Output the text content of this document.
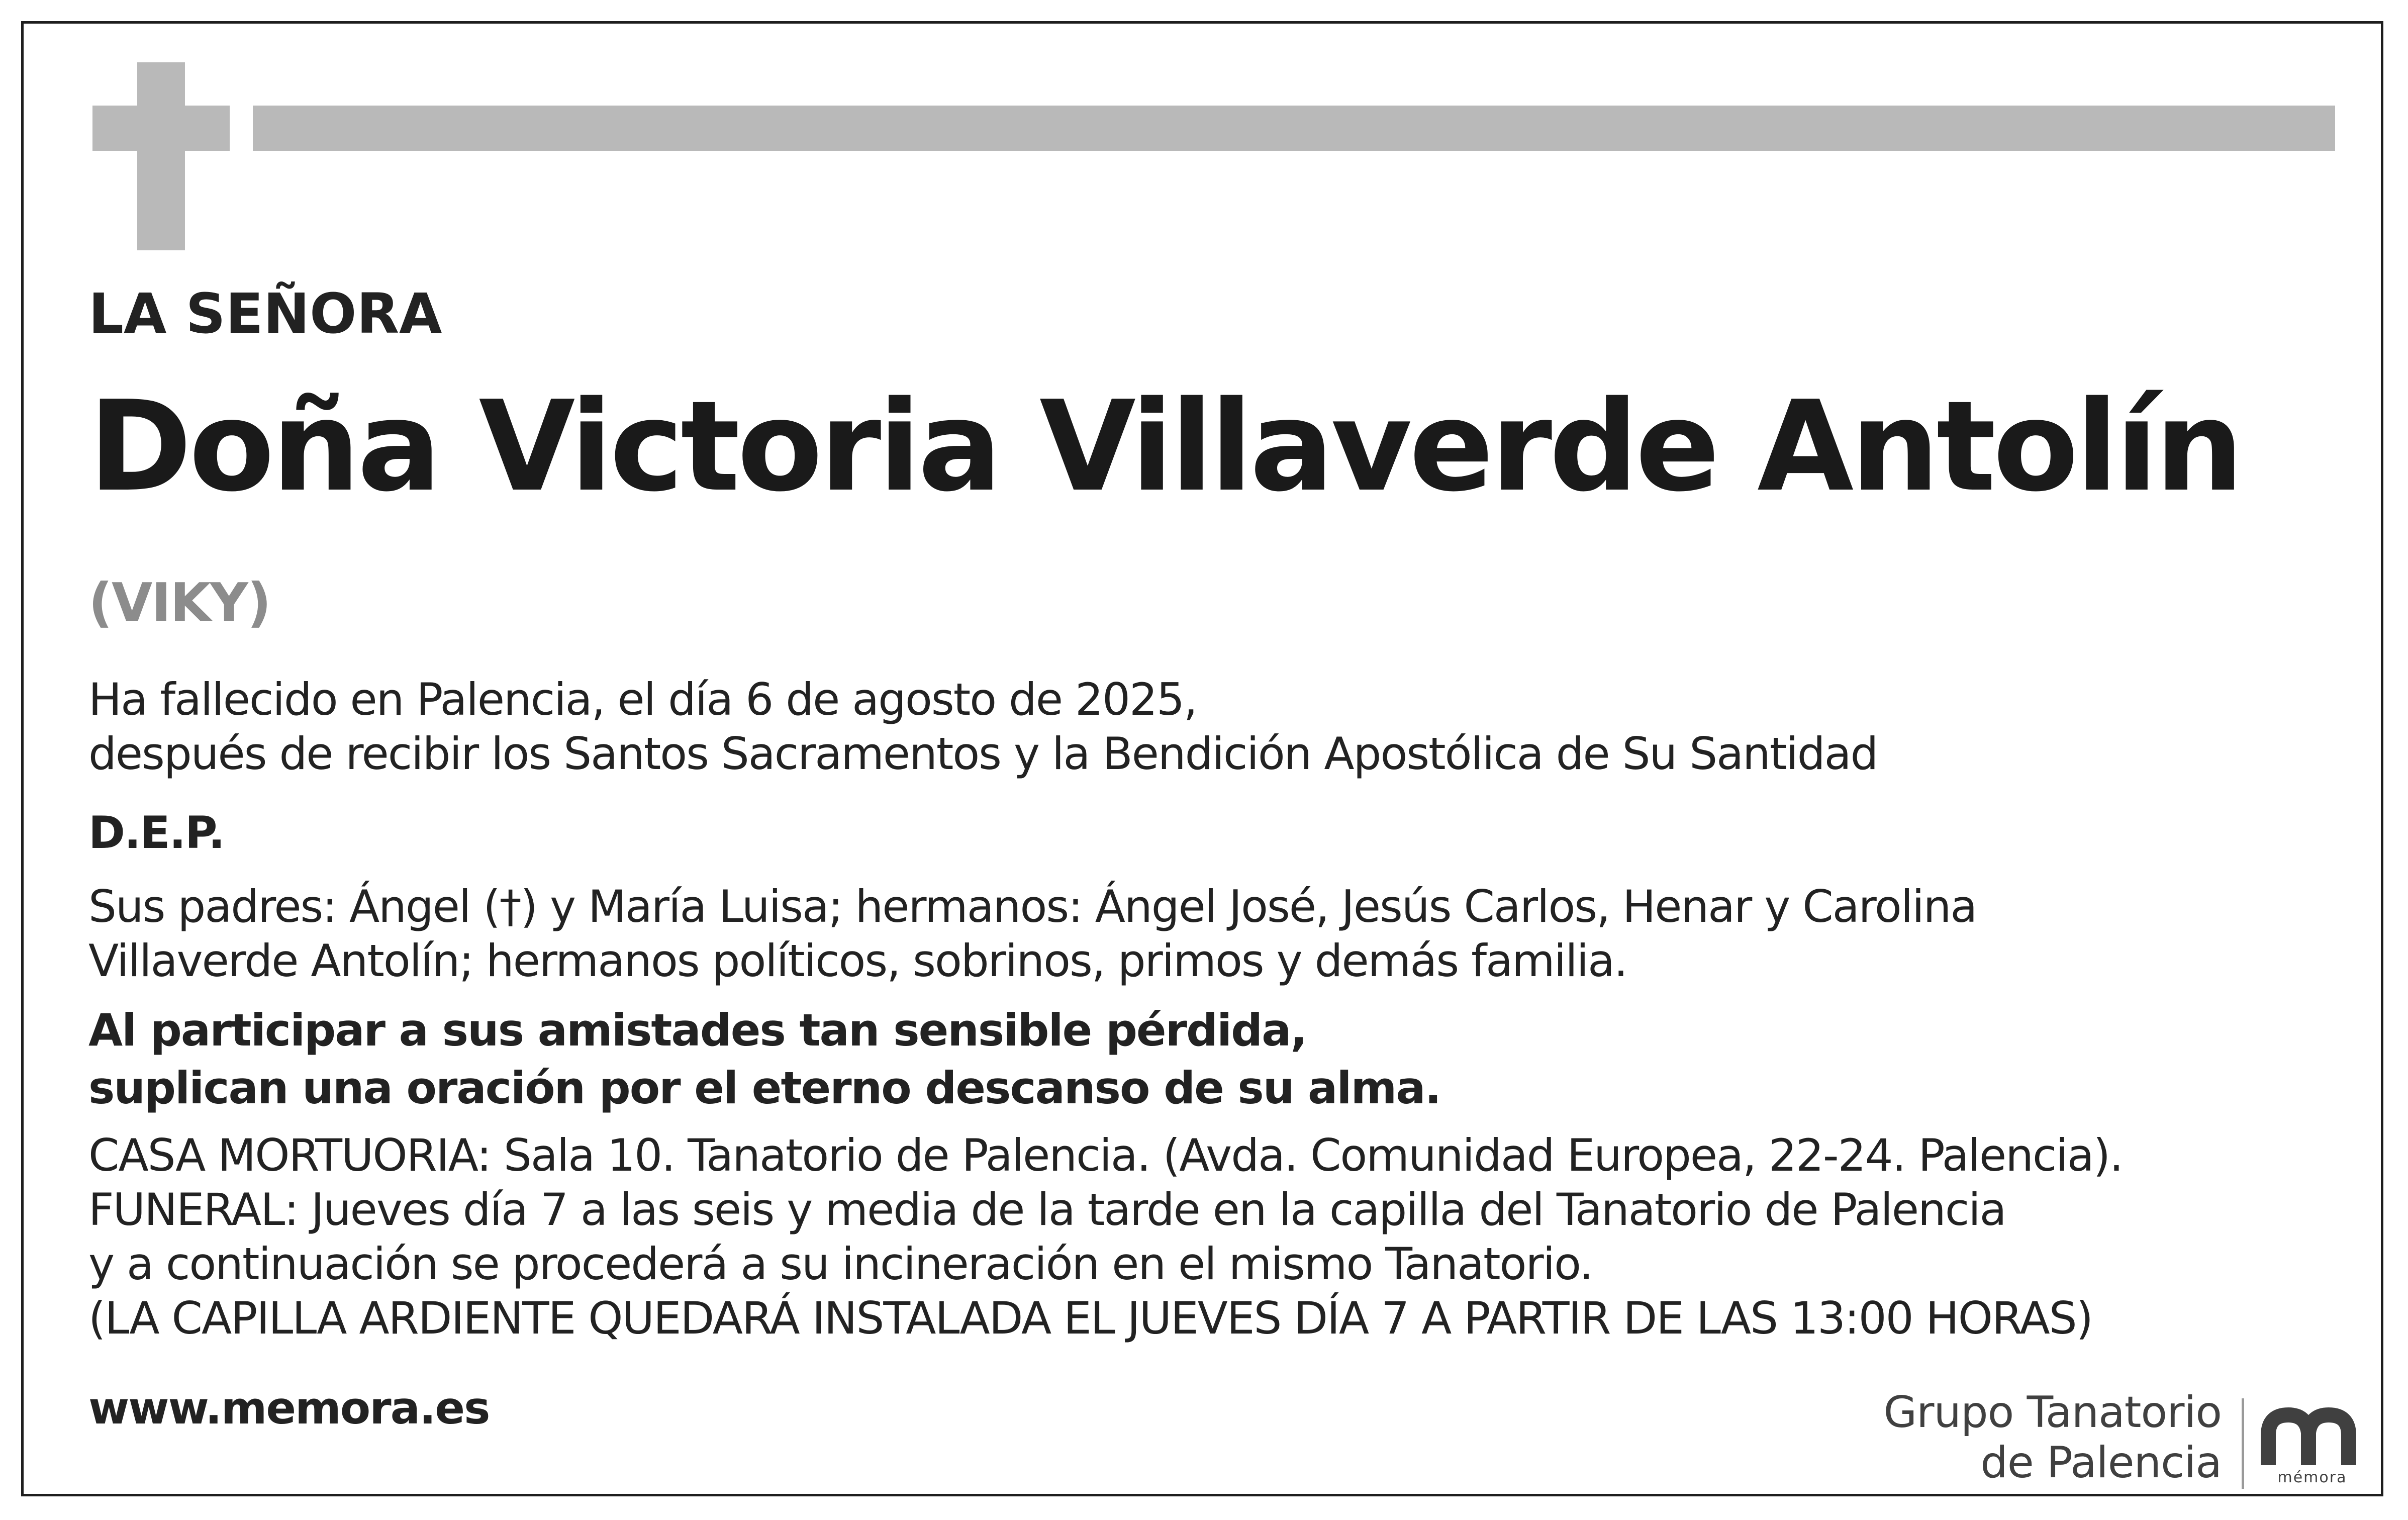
LA SEÑORA
Doña Victoria Villaverde Antolín
(VIKY)
Ha fallecido en Palencia, el día 6 de agosto de 2025,
después de recibir los Santos Sacramentos y la Bendición Apostólica de Su Santidad
D.E.P.
Sus padres: Ángel (†) y María Luisa; hermanos: Ángel José, Jesús Carlos, Henar y Carolina
Villaverde Antolín; hermanos políticos, sobrinos, primos y demás familia.
Al participar a sus amistades tan sensible pérdida,
suplican una oración por el eterno descanso de su alma.
CASA MORTUORIA: Sala 10. Tanatorio de Palencia. (Avda. Comunidad Europea, 22-24. Palencia).
FUNERAL: Jueves día 7 a las seis y media de la tarde en la capilla del Tanatorio de Palencia
y a continuación se procederá a su incineración en el mismo Tanatorio.
(LA CAPILLA ARDIENTE QUEDARÁ INSTALADA EL JUEVES DÍA 7 A PARTIR DE LAS 13:00 HORAS)
www.memora.es	Grupo Tanatorio
de Palencia	mémora
